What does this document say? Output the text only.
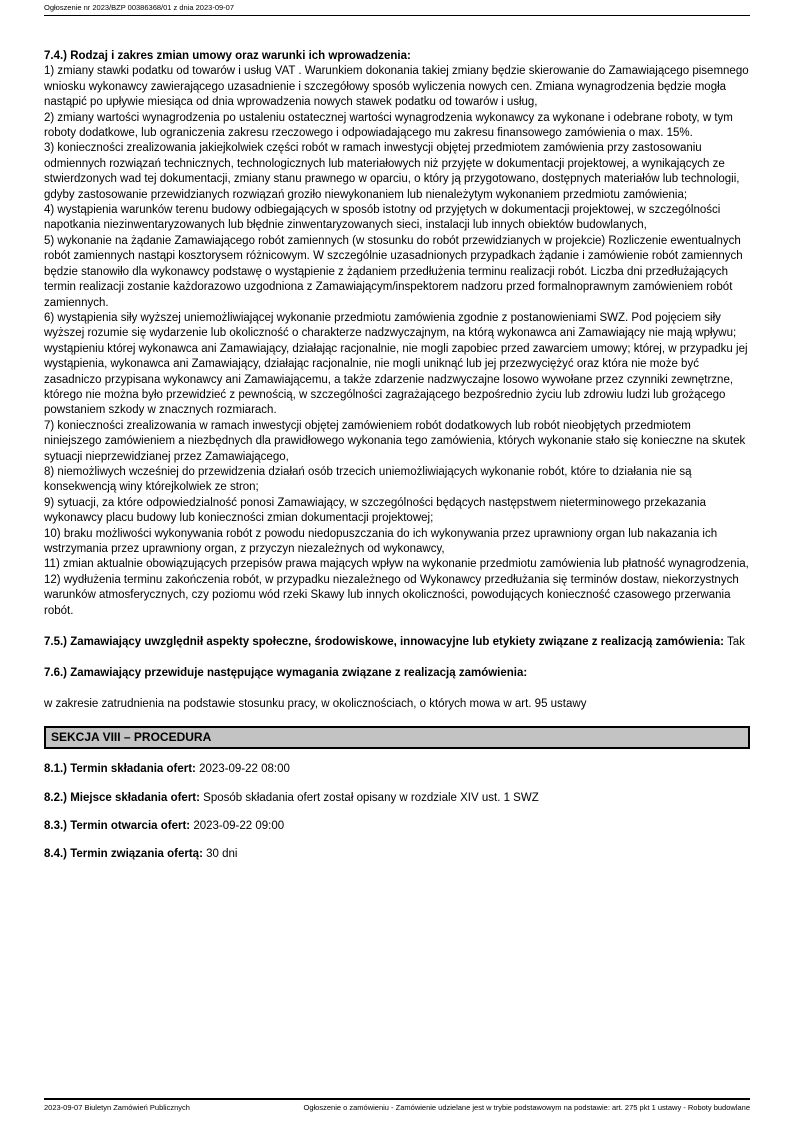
Ogłoszenie nr 2023/BZP 00386368/01 z dnia 2023-09-07
7.4.) Rodzaj i zakres zmian umowy oraz warunki ich wprowadzenia:
1) zmiany stawki podatku od towarów i usług VAT . Warunkiem dokonania takiej zmiany będzie skierowanie do Zamawiającego pisemnego wniosku wykonawcy zawierającego uzasadnienie i szczegółowy sposób wyliczenia nowych cen. Zmiana wynagrodzenia będzie mogła nastąpić po upływie miesiąca od dnia wprowadzenia nowych stawek podatku od towarów i usług,
2) zmiany wartości wynagrodzenia po ustaleniu ostatecznej wartości wynagrodzenia wykonawcy za wykonane i odebrane roboty, w tym roboty dodatkowe, lub ograniczenia zakresu rzeczowego i odpowiadającego mu zakresu finansowego zamówienia o max. 15%.
3) konieczności zrealizowania jakiejkolwiek części robót w ramach inwestycji objętej przedmiotem zamówienia przy zastosowaniu odmiennych rozwiązań technicznych, technologicznych lub materiałowych niż przyjęte w dokumentacji projektowej, a wynikających ze stwierdzonych wad tej dokumentacji, zmiany stanu prawnego w oparciu, o który ją przygotowano, dostępnych materiałów lub technologii, gdyby zastosowanie przewidzianych rozwiązań groziło niewykonaniem lub nienależytym wykonaniem przedmiotu zamówienia;
4) wystąpienia warunków terenu budowy odbiegających w sposób istotny od przyjętych w dokumentacji projektowej, w szczególności napotkania niezinwentaryzowanych lub błędnie zinwentaryzowanych sieci, instalacji lub innych obiektów budowlanych,
5) wykonanie na żądanie Zamawiającego robót zamiennych (w stosunku do robót przewidzianych w projekcie) Rozliczenie ewentualnych robót zamiennych nastąpi kosztorysem różnicowym. W szczególnie uzasadnionych przypadkach żądanie i zamówienie robót zamiennych będzie stanowiło dla wykonawcy podstawę o wystąpienie z żądaniem przedłużenia terminu realizacji robót. Liczba dni przedłużających termin realizacji zostanie każdorazowo uzgodniona z Zamawiającym/inspektorem nadzoru przed formalnoprawnym zamówieniem robót zamiennych.
6) wystąpienia siły wyższej uniemożliwiającej wykonanie przedmiotu zamówienia zgodnie z postanowieniami SWZ. Pod pojęciem siły wyższej rozumie się wydarzenie lub okoliczność o charakterze nadzwyczajnym, na którą wykonawca ani Zamawiający nie mają wpływu; wystąpieniu której wykonawca ani Zamawiający, działając racjonalnie, nie mogli zapobiec przed zawarciem umowy; której, w przypadku jej wystąpienia, wykonawca ani Zamawiający, działając racjonalnie, nie mogli uniknąć lub jej przezwyciężyć oraz która nie może być zasadniczo przypisana wykonawcy ani Zamawiającemu, a także zdarzenie nadzwyczajne losowo wywołane przez czynniki zewnętrzne, którego nie można było przewidzieć z pewnością, w szczególności zagrażającego bezpośrednio życiu lub zdrowiu ludzi lub grożącego powstaniem szkody w znacznych rozmiarach.
7) konieczności zrealizowania w ramach inwestycji objętej zamówieniem robót dodatkowych lub robót nieobjętych przedmiotem niniejszego zamówieniem a niezbędnych dla prawidłowego wykonania tego zamówienia, których wykonanie stało się konieczne na skutek sytuacji nieprzewidzianej przez Zamawiającego,
8) niemożliwych wcześniej do przewidzenia działań osób trzecich uniemożliwiających wykonanie robót, które to działania nie są konsekwencją winy którejkolwiek ze stron;
9) sytuacji, za które odpowiedzialność ponosi Zamawiający, w szczególności będących następstwem nieterminowego przekazania wykonawcy placu budowy lub konieczności zmian dokumentacji projektowej;
10) braku możliwości wykonywania robót z powodu niedopuszczania do ich wykonywania przez uprawniony organ lub nakazania ich wstrzymania przez uprawniony organ, z przyczyn niezależnych od wykonawcy,
11) zmian aktualnie obowiązujących przepisów prawa mających wpływ na wykonanie przedmiotu zamówienia lub płatność wynagrodzenia,
12) wydłużenia terminu zakończenia robót, w przypadku niezależnego od Wykonawcy przedłużania się terminów dostaw, niekorzystnych warunków atmosferycznych, czy poziomu wód rzeki Skawy lub innych okoliczności, powodujących konieczność czasowego przerwania robót.

7.5.) Zamawiający uwzględnił aspekty społeczne, środowiskowe, innowacyjne lub etykiety związane z realizacją zamówienia: Tak

7.6.) Zamawiający przewiduje następujące wymagania związane z realizacją zamówienia:

w zakresie zatrudnienia na podstawie stosunku pracy, w okolicznościach, o których mowa w art. 95 ustawy

SEKCJA VIII – PROCEDURA

8.1.) Termin składania ofert: 2023-09-22 08:00

8.2.) Miejsce składania ofert: Sposób składania ofert został opisany w rozdziale XIV ust. 1 SWZ

8.3.) Termin otwarcia ofert: 2023-09-22 09:00

8.4.) Termin związania ofertą: 30 dni

2023-09-07 Biuletyn Zamówień Publicznych	Ogłoszenie o zamówieniu - Zamówienie udzielane jest w trybie podstawowym na podstawie: art. 275 pkt 1 ustawy - Roboty budowlane
